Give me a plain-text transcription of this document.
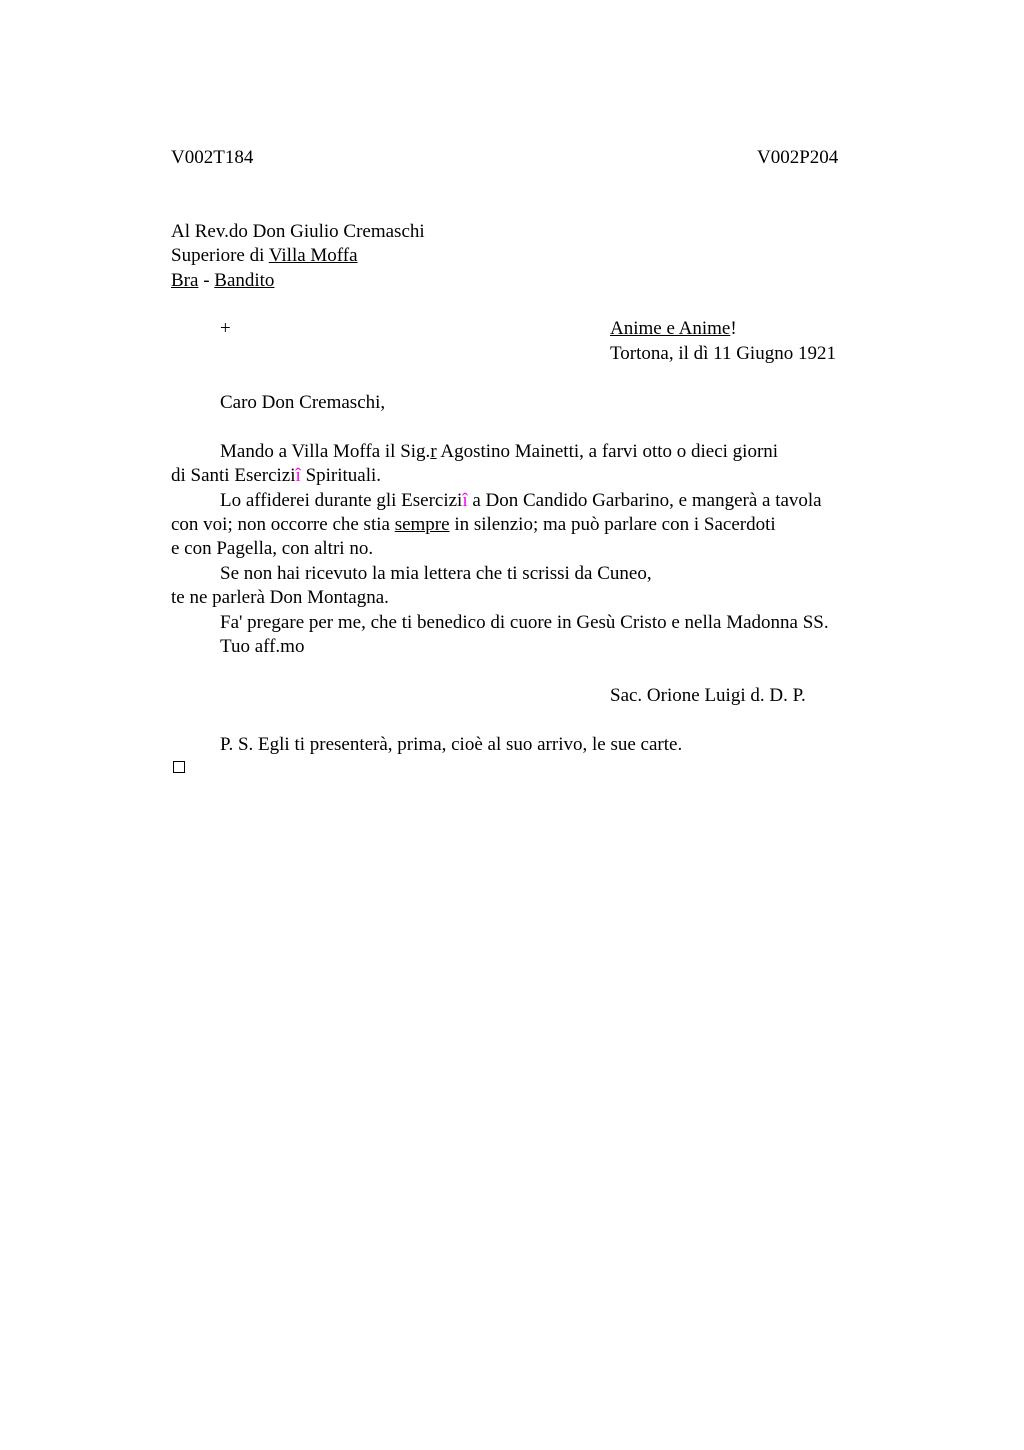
V002T184	V002P204
Al Rev.do Don Giulio Cremaschi
Superiore di Villa Moffa
Bra - Bandito
+	Anime e Anime!
Tortona, il dì 11 Giugno 1921
Caro Don Cremaschi,
Mando a Villa Moffa il Sig.r Agostino Mainetti, a farvi otto o dieci giorni
di Santi Eserciziî Spirituali.
Lo affiderei durante gli Eserciziî a Don Candido Garbarino, e mangerà a tavola
con voi; non occorre che stia sempre in silenzio; ma può parlare con i Sacerdoti
e con Pagella, con altri no.
Se non hai ricevuto la mia lettera che ti scrissi da Cuneo,
te ne parlerà Don Montagna.
Fa' pregare per me, che ti benedico di cuore in Gesù Cristo e nella Madonna SS.
Tuo aff.mo
Sac. Orione Luigi d. D. P.
P. S. Egli ti presenterà, prima, cioè al suo arrivo, le sue carte.
